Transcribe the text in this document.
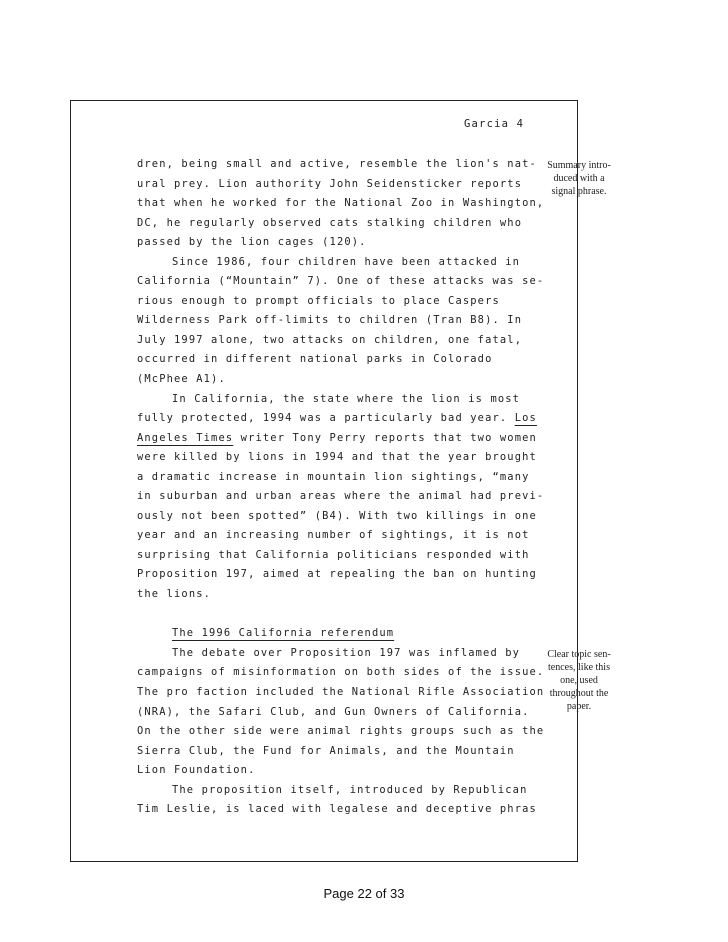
Garcia 4
dren, being small and active, resemble the lion's nat-
ural prey. Lion authority John Seidensticker reports
that when he worked for the National Zoo in Washington,
DC, he regularly observed cats stalking children who
passed by the lion cages (120).
Since 1986, four children have been attacked in
California (“Mountain” 7). One of these attacks was se-
rious enough to prompt officials to place Caspers
Wilderness Park off-limits to children (Tran B8). In
July 1997 alone, two attacks on children, one fatal,
occurred in different national parks in Colorado
(McPhee A1).
In California, the state where the lion is most
fully protected, 1994 was a particularly bad year. Los
Angeles Times writer Tony Perry reports that two women
were killed by lions in 1994 and that the year brought
a dramatic increase in mountain lion sightings, “many
in suburban and urban areas where the animal had previ-
ously not been spotted” (B4). With two killings in one
year and an increasing number of sightings, it is not
surprising that California politicians responded with
Proposition 197, aimed at repealing the ban on hunting
the lions.
The 1996 California referendum
The debate over Proposition 197 was inflamed by
campaigns of misinformation on both sides of the issue.
The pro faction included the National Rifle Association
(NRA), the Safari Club, and Gun Owners of California.
On the other side were animal rights groups such as the
Sierra Club, the Fund for Animals, and the Mountain
Lion Foundation.
The proposition itself, introduced by Republican
Tim Leslie, is laced with legalese and deceptive phras
Summary intro-
duced with a
signal phrase.
Clear topic sen-
tences, like this
one, used
throughout the
paper.
Page 22 of 33
